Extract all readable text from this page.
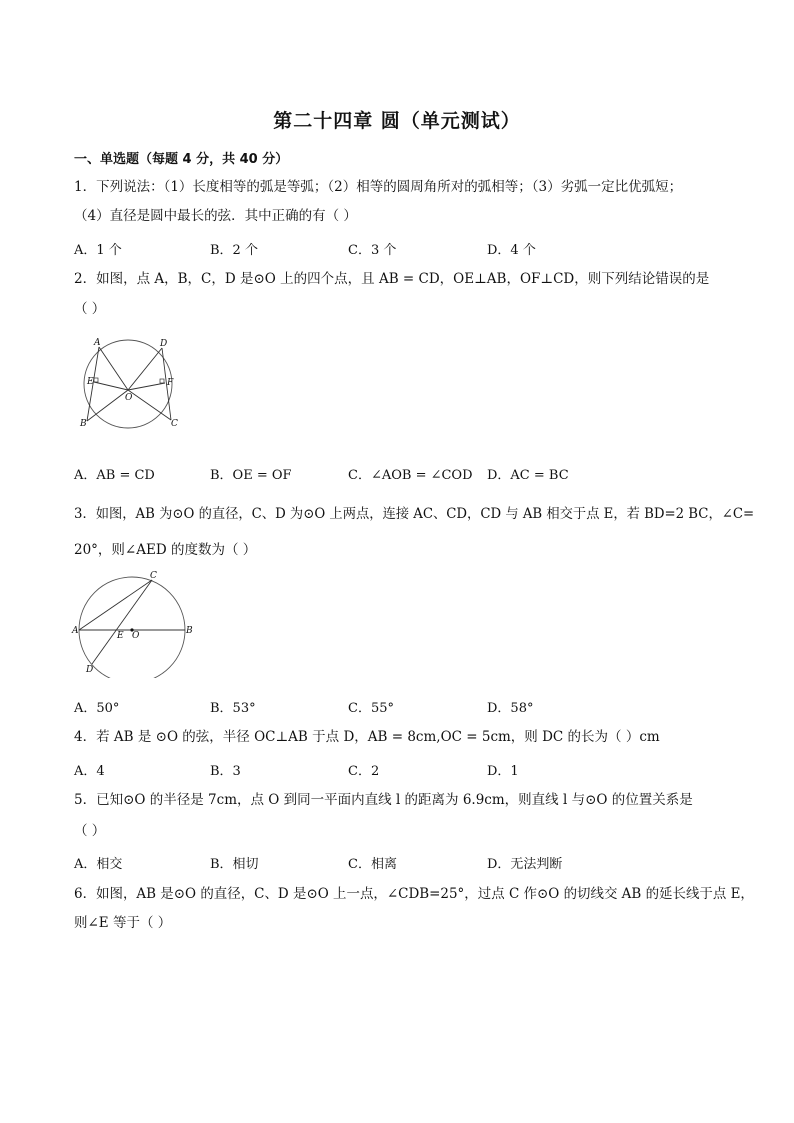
第二十四章 圆（单元测试）
一、单选题（每题 4 分，共 40 分）
1．下列说法：（1）长度相等的弧是等弧；（2）相等的圆周角所对的弧相等；（3）劣弧一定比优弧短；
（4）直径是圆中最长的弦．其中正确的有（ ）
A．1 个	B．2 个	C．3 个	D．4 个
2．如图，点 A，B，C，D 是⊙O 上的四个点，且 AB = CD，OE⊥AB，OF⊥CD，则下列结论错误的是
（ ）
A	D
E	F
O
B	C
A．AB = CD	B．OE = OF	C．∠AOB = ∠COD D．AC = BC
3．如图，AB 为⊙O 的直径，C、D 为⊙O 上两点，连接 AC、CD，CD 与 AB 相交于点 E，若 BD=2 BC，∠C=
20°，则∠AED 的度数为（ ）
C
A	E O	B
D
A．50°	B．53°	C．55°	D．58°
4．若 AB 是 ⊙O 的弦，半径 OC⊥AB 于点 D，AB = 8cm,OC = 5cm，则 DC 的长为（ ）cm
A．4	B．3	C．2	D．1
5．已知⊙O 的半径是 7cm，点 O 到同一平面内直线 l 的距离为 6.9cm，则直线 l 与⊙O 的位置关系是
（ ）
A．相交	B．相切	C．相离	D．无法判断
6．如图，AB 是⊙O 的直径，C、D 是⊙O 上一点，∠CDB=25°，过点 C 作⊙O 的切线交 AB 的延长线于点 E，
则∠E 等于（ ）
